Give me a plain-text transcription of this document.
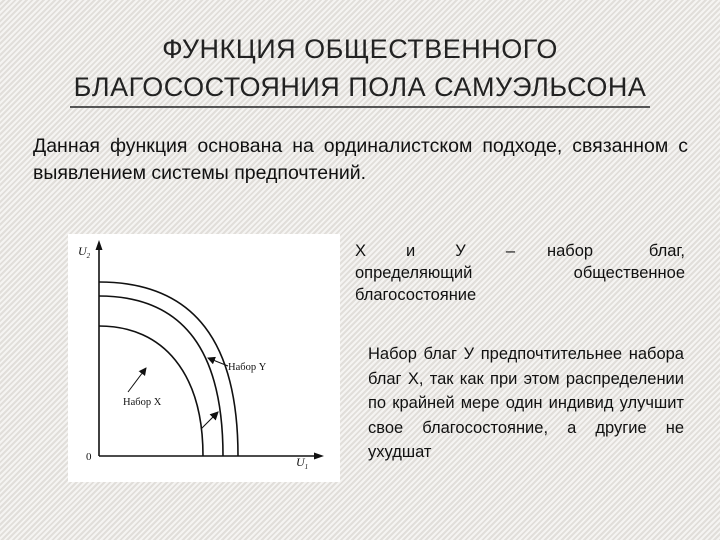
ФУНКЦИЯ ОБЩЕСТВЕННОГО
БЛАГОСОСТОЯНИЯ ПОЛА САМУЭЛЬСОНА
Данная функция основана на ординалистском подходе, связанном с выявлением системы предпочтений.
$U_2$
$U_1$
0
Набор X
Набор Y
X и У –
определяющий
благосостояние
набор	благ,
общественное
Набор благ У предпочтительнее набора благ X, так как при этом распределении по крайней мере один индивид улучшит свое благосостояние, а другие не ухудшат
